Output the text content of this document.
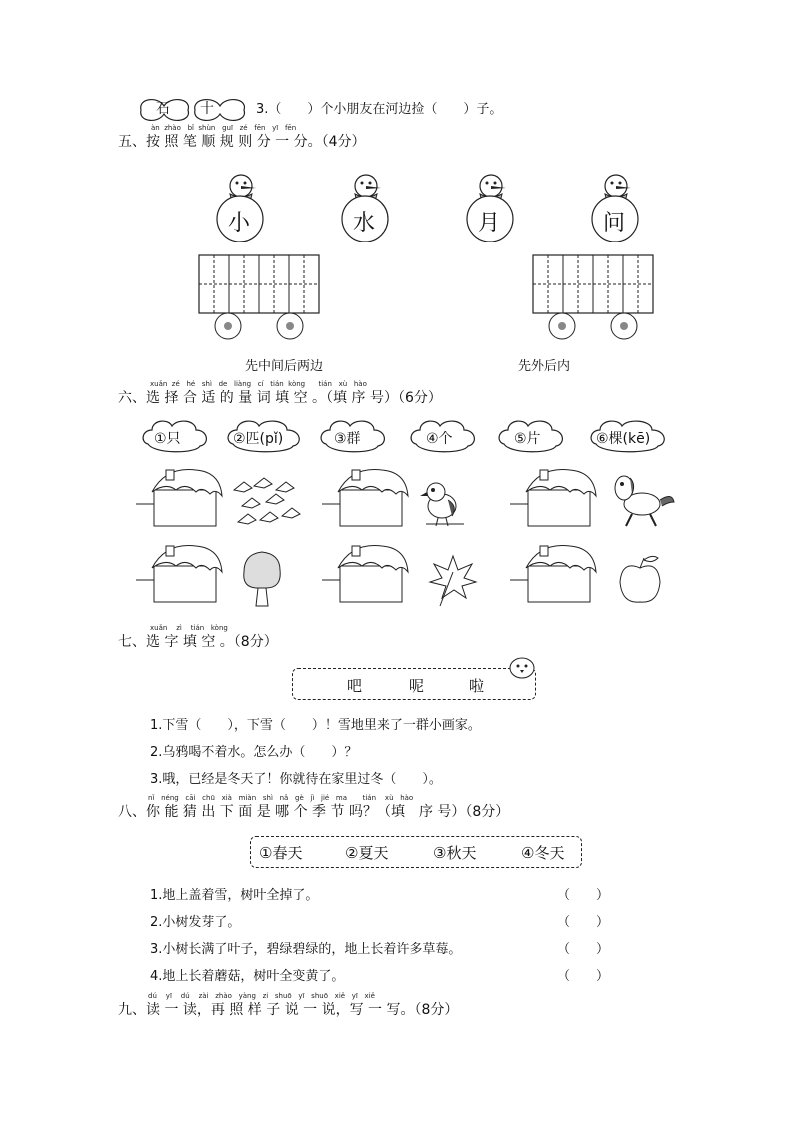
石 十	3.（　　）个小朋友在河边捡（　　）子。
五、按 照 笔 顺 规 则 分 一 分。（4分）
àn zhào bǐ shùn guī zé fēn yī fēn
小	水	月	问
先中间后两边	先外后内
xuǎn zé hé shì de liàng cí tián kòng tián xù hào
六、选 择 合 适 的 量 词 填 空 。（填 序 号）（6分）
①只	②匹(pǐ)	③群	④个	⑤片	⑥棵(kē)
xuǎn zì tián kòng
七、选 字 填 空 。（8分）
吧	呢	啦
1.下雪（　　），下雪（　　）！雪地里来了一群小画家。
2.乌鸦喝不着水。怎么办（　　）？
3.哦，已经是冬天了！你就待在家里过冬（　　）。
nǐ néng cāi chū xià miàn shì nǎ gè jì jié ma tián xù hào
八、你 能 猜 出 下 面 是 哪 个 季 节 吗？（填　序 号）（8分）
①春天	②夏天	③秋天	④冬天
1.地上盖着雪，树叶全掉了。	（　　）
2.小树发芽了。	（　　）
3.小树长满了叶子，碧绿碧绿的，地上长着许多草莓。	（　　）
4.地上长着蘑菇，树叶全变黄了。	（　　）
dú yī dú zài zhào yàng zi shuō yī shuō xiě yī xiě
九、读 一 读，再 照 样 子 说 一 说，写 一 写。（8分）
